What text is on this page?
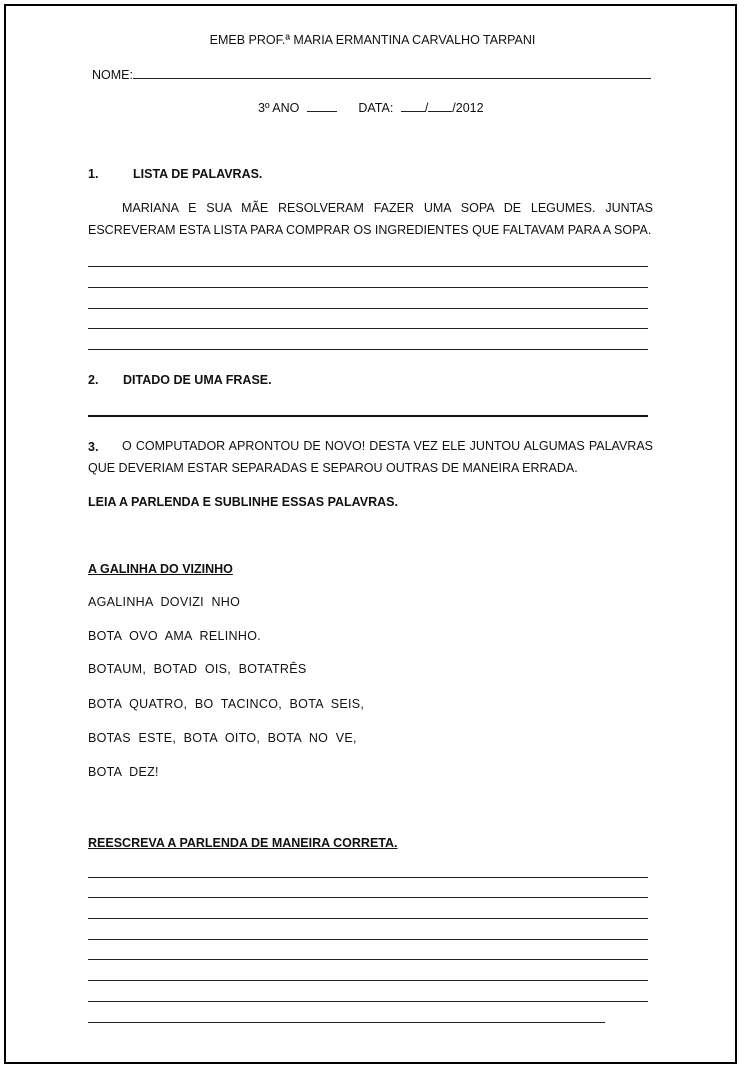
EMEB PROF.ª MARIA ERMANTINA CARVALHO TARPANI
NOME:
3º ANO	DATA:	/ /2012
1.	LISTA DE PALAVRAS.
MARIANA E SUA MÃE RESOLVERAM FAZER UMA SOPA DE LEGUMES. JUNTAS ESCREVERAM ESTA LISTA PARA COMPRAR OS INGREDIENTES QUE FALTAVAM PARA A SOPA.
2. DITADO DE UMA FRASE.
3.	O COMPUTADOR APRONTOU DE NOVO! DESTA VEZ ELE JUNTOU ALGUMAS PALAVRAS QUE DEVERIAM ESTAR SEPARADAS E SEPAROU OUTRAS DE MANEIRA ERRADA.
LEIA A PARLENDA E SUBLINHE ESSAS PALAVRAS.
A GALINHA DO VIZINHO
AGALINHA  DOVIZI  NHO
BOTA  OVO  AMA  RELINHO.
BOTAUM,  BOTAD  OIS,  BOTATRÊS
BOTA  QUATRO,  BO  TACINCO,  BOTA  SEIS,
BOTAS  ESTE,  BOTA  OITO,  BOTA  NO  VE,
BOTA  DEZ!
REESCREVA A PARLENDA DE MANEIRA CORRETA.
